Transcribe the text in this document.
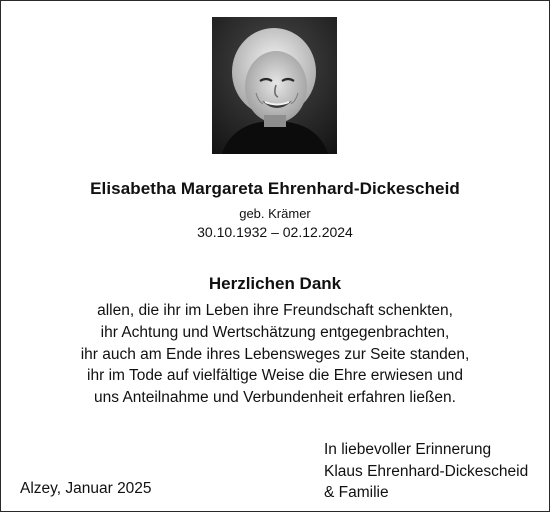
Elisabetha Margareta Ehrenhard-Dickescheid
geb. Krämer
30.10.1932 – 02.12.2024
Herzlichen Dank
allen, die ihr im Leben ihre Freundschaft schenkten,
ihr Achtung und Wertschätzung entgegenbrachten,
ihr auch am Ende ihres Lebensweges zur Seite standen,
ihr im Tode auf vielfältige Weise die Ehre erwiesen und
uns Anteilnahme und Verbundenheit erfahren ließen.
Alzey, Januar 2025
In liebevoller Erinnerung
Klaus Ehrenhard-Dickescheid
& Familie
